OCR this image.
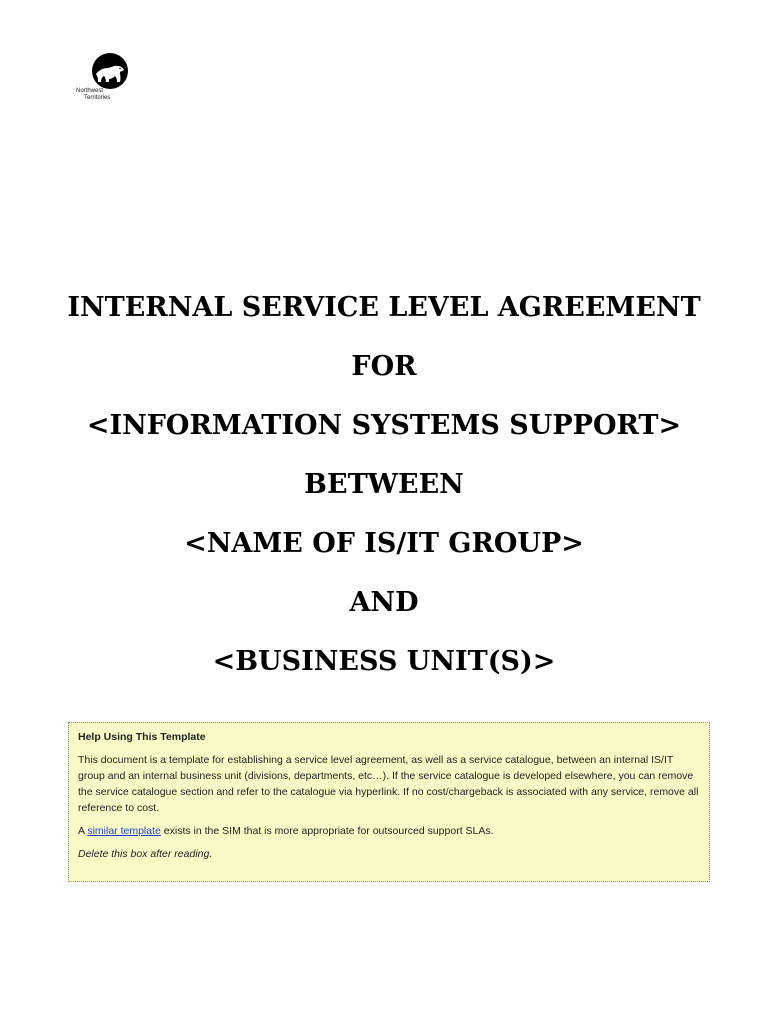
Northwest
Territories
INTERNAL SERVICE LEVEL AGREEMENT
FOR
<INFORMATION SYSTEMS SUPPORT>
BETWEEN
<NAME OF IS/IT GROUP>
AND
<BUSINESS UNIT(S)>
Help Using This Template

This document is a template for establishing a service level agreement, as well as a service catalogue, between an internal IS/IT group and an internal business unit (divisions, departments, etc…). If the service catalogue is developed elsewhere, you can remove the service catalogue section and refer to the catalogue via hyperlink. If no cost/chargeback is associated with any service, remove all reference to cost.

A similar template exists in the SIM that is more appropriate for outsourced support SLAs.

Delete this box after reading.
